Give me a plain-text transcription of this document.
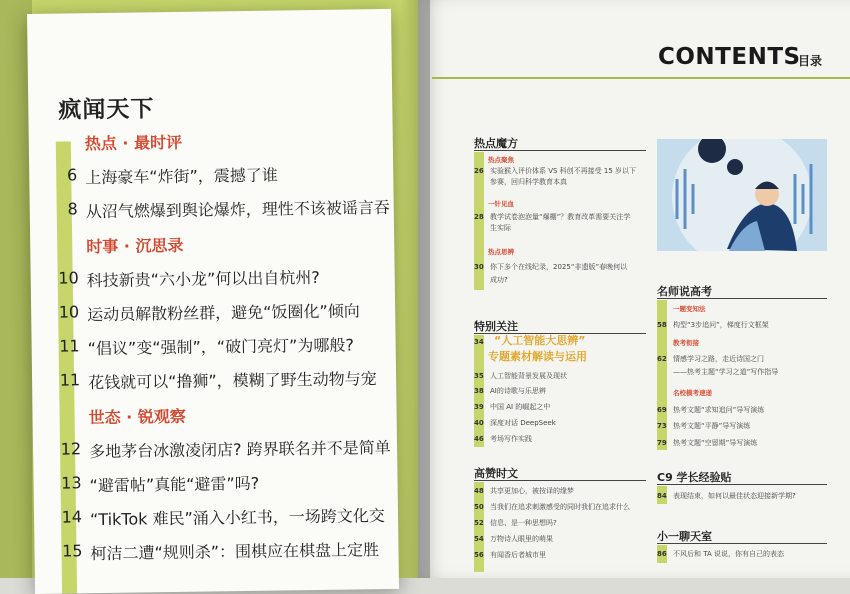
CONTENTS
目录
热点魔方
热点聚焦
26 实验猴入评价体系 VS 科创不再接受 15 岁以下
参赛，回归科学教育本真
一针见血
28 教学试卷泡泡量“爆棚”？教育改革需要关注学
生实际
热点思辨
30 你下多个在线纪录，2025“非遗版”春晚何以
成功?
特别关注
34 “人工智能大思辨”
专题素材解读与运用
35 人工智能背景发展及现状
38 AI的诗歌与乐思辨
39 中国 AI 的崛起之中
40 深度对话 DeepSeek
46 考场写作实践
高赞时文
48 共享更加心，被按译的缘梦
50 当我们在追求刺激感受的同时我们在追求什么
52 信息、是一种思想吗?
54 万物诗人眼里的萌果
56 有闻香后者城市里
名师说高考
一题变知法
58 构型“3步追问”，梯度行文框架
教考衔接
62 情感学习之路，走近诗国之门
——热考主题“学习之道”写作指导
名校模考速递
69 热考文题“求知追问”导写演练
73 热考文题“平静”导写演练
79 热考文题“空留期”导写演练
C9 学长经验贴
84 表现结束，如何以最佳状态迎接新学期?
小一聊天室
86 不风后和 TA 说说，你有自己的表态
疯闻天下
热点 · 最时评
6 上海豪车“炸街”，震撼了谁
8 从沼气燃爆到舆论爆炸，理性不该被谣言吞
时事 · 沉思录
10 科技新贵“六小龙”何以出自杭州?
10 运动员解散粉丝群，避免“饭圈化”倾向
11 “倡议”变“强制”，“破门亮灯”为哪般?
11 花钱就可以“撸狮”，模糊了野生动物与宠
世态 · 锐观察
12 多地茅台冰激凌闭店? 跨界联名并不是简单
13 “避雷帖”真能“避雷”吗?
14 “TikTok 难民”涌入小红书，一场跨文化交
15 柯洁二遭“规则杀”：围棋应在棋盘上定胜
